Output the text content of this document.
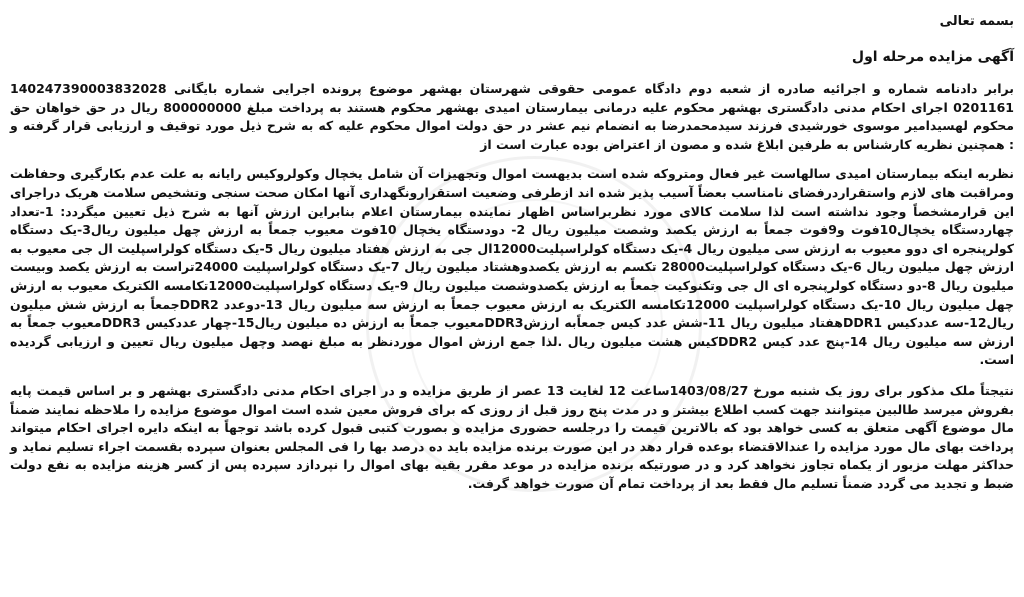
بسمه تعالی
آگهی مزایده مرحله اول
برابر دادنامه شماره 14024739000383202‪8 و اجرائیه صادره از شعبه دوم دادگاه عمومی حقوقی شهرستان بهشهر موضوع پرونده اجرایی شماره بایگانی 0201161 اجرای احکام مدنی دادگستری بهشهر محکوم علیه درمانی بیمارستان امیدی بهشهر محکوم هستند به پرداخت مبلغ 800000000 ریال در حق خواهان حق محکوم لهسیدامیر موسوی خورشیدی فرزند سیدمحمدرضا به انضمام نیم عشر در حق دولت اموال محکوم علیه که به شرح ذیل مورد توقیف و ارزیابی قرار گرفته و همچنین نظریه کارشناس به طرفین ابلاغ شده و مصون از اعتراض بوده عبارت است از :
نظربه اینکه بیمارستان امیدی سالهاست غیر فعال ومتروکه شده است بدیهست اموال وتجهیزات آن شامل یخچال وکولروکیس رایانه به علت عدم بکارگیری وحفاظت ومراقبت های لازم واستقراردرفضای نامناسب بعضاً آسیب پذیر شده اند ازطرفی وضعیت استقرارونگهداری آنها امکان صحت سنجی وتشخیص سلامت هریک دراجرای این قرارمشخصاً وجود نداشته است لذا سلامت کالای مورد نظربراساس اظهار نماینده بیمارستان اعلام بنابراین ارزش آنها به شرح ذیل تعیین میگردد: 1-تعداد چهاردستگاه یخچال10فوت و9فوت جمعاً به ارزش یکصد وشصت میلیون ریال 2- دودستگاه یخچال 10فوت معیوب جمعاً به ارزش چهل میلیون ریال3-یک دستگاه کولرپنجره ای دوو معیوب به ارزش سی میلیون ریال 4-یک دستگاه کولراسپلیت12000ال جی به ارزش هفتاد میلیون ریال 5-یک دستگاه کولراسپلیت ال جی معیوب به ارزش چهل میلیون ریال 6-یک دستگاه کولراسپلیت28000 تکسم به ارزش یکصدوهشتاد میلیون ریال 7-یک دستگاه کولراسپلیت 24000تراست به ارزش یکصد وبیست میلیون ریال 8-دو دستگاه کولرپنجره ای ال جی وتکنوکیت جمعاً به ارزش یکصدوشصت میلیون ریال 9-یک دستگاه کولراسپلیت12000تکامسه الکتریک معیوب به ارزش چهل میلیون ریال 10-یک دستگاه کولراسپلیت 12000تکامسه الکتریک به ارزش معیوب جمعاً به ارزش سه میلیون ریال 13-دوعدد DDR2جمعاً به ارزش شش میلیون ریال12-سه عددکیس DDR1هفتاد میلیون ریال 11-شش عدد کیس جمعاًبه ارزشDDR3معیوب جمعاً به ارزش ده میلیون ریال15-چهار عددکیس DDR3معیوب جمعاً به ارزش سه میلیون ریال 14-پنج عدد کیس DDR2کیس هشت میلیون ریال .لذا جمع ارزش اموال موردنظر به مبلغ نهصد وچهل میلیون ریال تعیین و ارزیابی گردیده است.
نتیجتاً ملک مذکور برای روز یک شنبه مورخ 1403/08/27ساعت 12 لغایت 13 عصر از طریق مزایده و در اجرای احکام مدنی دادگستری بهشهر و بر اساس قیمت پایه بفروش میرسد طالبین میتوانند جهت کسب اطلاع بیشتر و در مدت پنج روز قبل از روزی که برای فروش معین شده است اموال موضوع مزایده را ملاحظه نمایند ضمناً مال موضوع آگهی متعلق به کسی خواهد بود که بالاترین قیمت را درجلسه حضوری مزایده و بصورت کتبی قبول کرده باشد توجهاً به اینکه دایره اجرای احکام میتواند پرداخت بهای مال مورد مزایده را عندالاقتضاء بوعده قرار دهد در این صورت برنده مزایده باید ده درصد بها را فی المجلس بعنوان سپرده بقسمت اجراء تسلیم نماید و حداکثر مهلت مزبور از یکماه تجاوز نخواهد کرد و در صورتیکه برنده مزایده در موعد مقرر بقیه بهای اموال را نپردازد سپرده پس از کسر هزینه مزایده به نفع دولت ضبط و تجدید می گردد ضمناً تسلیم مال فقط بعد از پرداخت تمام آن صورت خواهد گرفت.
